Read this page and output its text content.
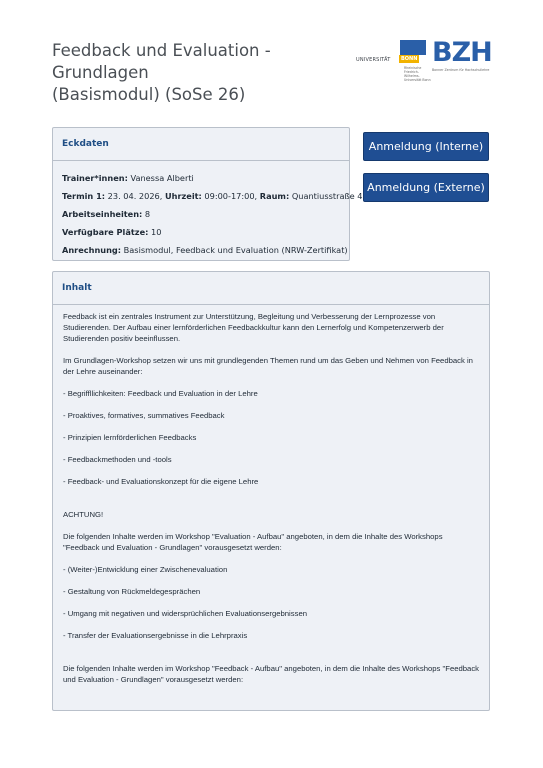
Feedback und Evaluation - Grundlagen
(Basismodul) (SoSe 26)
UNIVERSITÄT	BONN
Rheinische Friedrich-Wilhelms-Universität Bonn
BZH
Bonner Zentrum für Hochschullehre
Eckdaten
Trainer*innen: Vanessa Alberti
Termin 1: 23. 04. 2026, Uhrzeit: 09:00-17:00, Raum: Quantiusstraße 4
Arbeitseinheiten: 8
Verfügbare Plätze: 10
Anrechnung: Basismodul, Feedback und Evaluation (NRW-Zertifikat)
Anmeldung (Interne)
Anmeldung (Externe)
Inhalt

Feedback ist ein zentrales Instrument zur Unterstützung, Begleitung und Verbesserung der Lernprozesse von Studierenden. Der Aufbau einer lernförderlichen Feedbackkultur kann den Lernerfolg und Kompetenzerwerb der Studierenden positiv beeinflussen.

Im Grundlagen-Workshop setzen wir uns mit grundlegenden Themen rund um das Geben und Nehmen von Feedback in der Lehre auseinander:

- Begriffllichkeiten: Feedback und Evaluation in der Lehre

- Proaktives, formatives, summatives Feedback

- Prinzipien lernförderlichen Feedbacks

- Feedbackmethoden und -tools

- Feedback- und Evaluationskonzept für die eigene Lehre

ACHTUNG!

Die folgenden Inhalte werden im Workshop "Evaluation - Aufbau" angeboten, in dem die Inhalte des Workshops "Feedback und Evaluation - Grundlagen" vorausgesetzt werden:

- (Weiter-)Entwicklung einer Zwischenevaluation

- Gestaltung von Rückmeldegesprächen

- Umgang mit negativen und widersprüchlichen Evaluationsergebnissen

- Transfer der Evaluationsergebnisse in die Lehrpraxis

Die folgenden Inhalte werden im Workshop "Feedback - Aufbau" angeboten, in dem die Inhalte des Workshops "Feedback und Evaluation - Grundlagen" vorausgesetzt werden:
